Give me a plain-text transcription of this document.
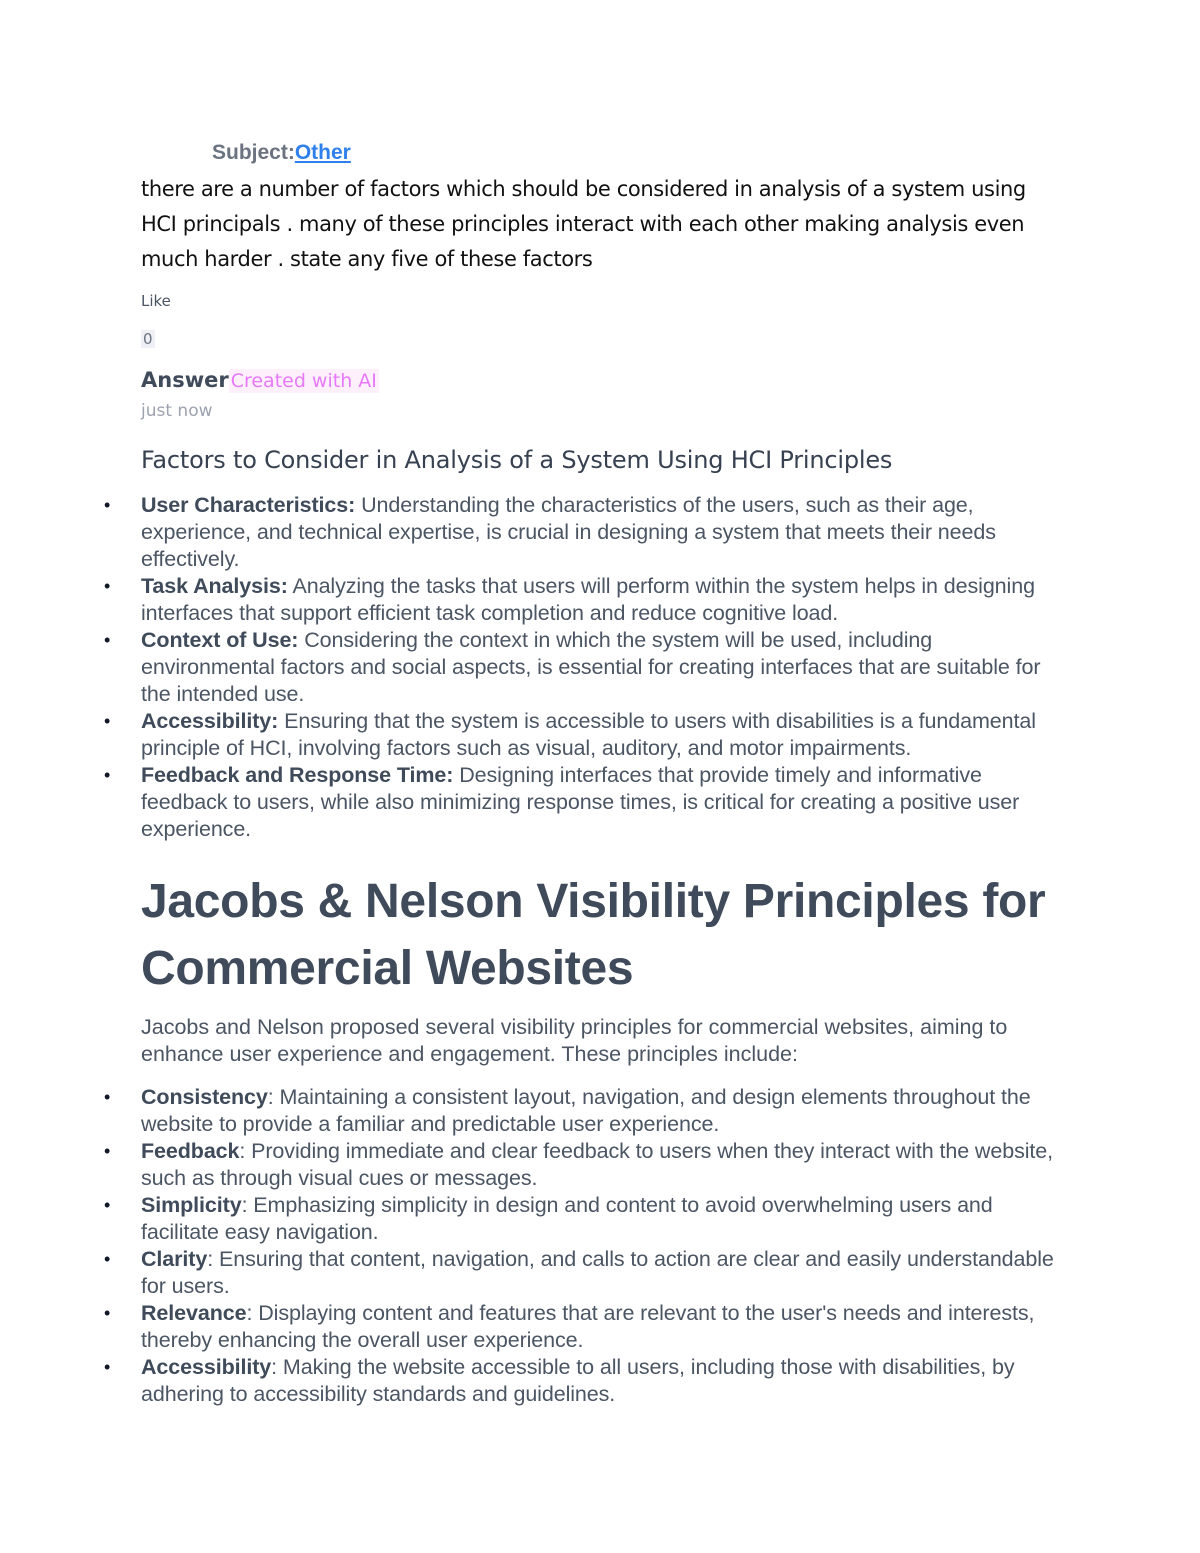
Subject:Other
there are a number of factors which should be considered in analysis of a system using HCI principals . many of these principles interact with each other making analysis even much harder . state any five of these factors
Like
0
Answer Created with AI
just now
Factors to Consider in Analysis of a System Using HCI Principles
• User Characteristics: Understanding the characteristics of the users, such as their age, experience, and technical expertise, is crucial in designing a system that meets their needs effectively.
• Task Analysis: Analyzing the tasks that users will perform within the system helps in designing interfaces that support efficient task completion and reduce cognitive load.
• Context of Use: Considering the context in which the system will be used, including environmental factors and social aspects, is essential for creating interfaces that are suitable for the intended use.
• Accessibility: Ensuring that the system is accessible to users with disabilities is a fundamental principle of HCI, involving factors such as visual, auditory, and motor impairments.
• Feedback and Response Time: Designing interfaces that provide timely and informative feedback to users, while also minimizing response times, is critical for creating a positive user experience.
Jacobs & Nelson Visibility Principles for Commercial Websites
Jacobs and Nelson proposed several visibility principles for commercial websites, aiming to enhance user experience and engagement. These principles include:
• Consistency: Maintaining a consistent layout, navigation, and design elements throughout the website to provide a familiar and predictable user experience.
• Feedback: Providing immediate and clear feedback to users when they interact with the website, such as through visual cues or messages.
• Simplicity: Emphasizing simplicity in design and content to avoid overwhelming users and facilitate easy navigation.
• Clarity: Ensuring that content, navigation, and calls to action are clear and easily understandable for users.
• Relevance: Displaying content and features that are relevant to the user's needs and interests, thereby enhancing the overall user experience.
• Accessibility: Making the website accessible to all users, including those with disabilities, by adhering to accessibility standards and guidelines.
